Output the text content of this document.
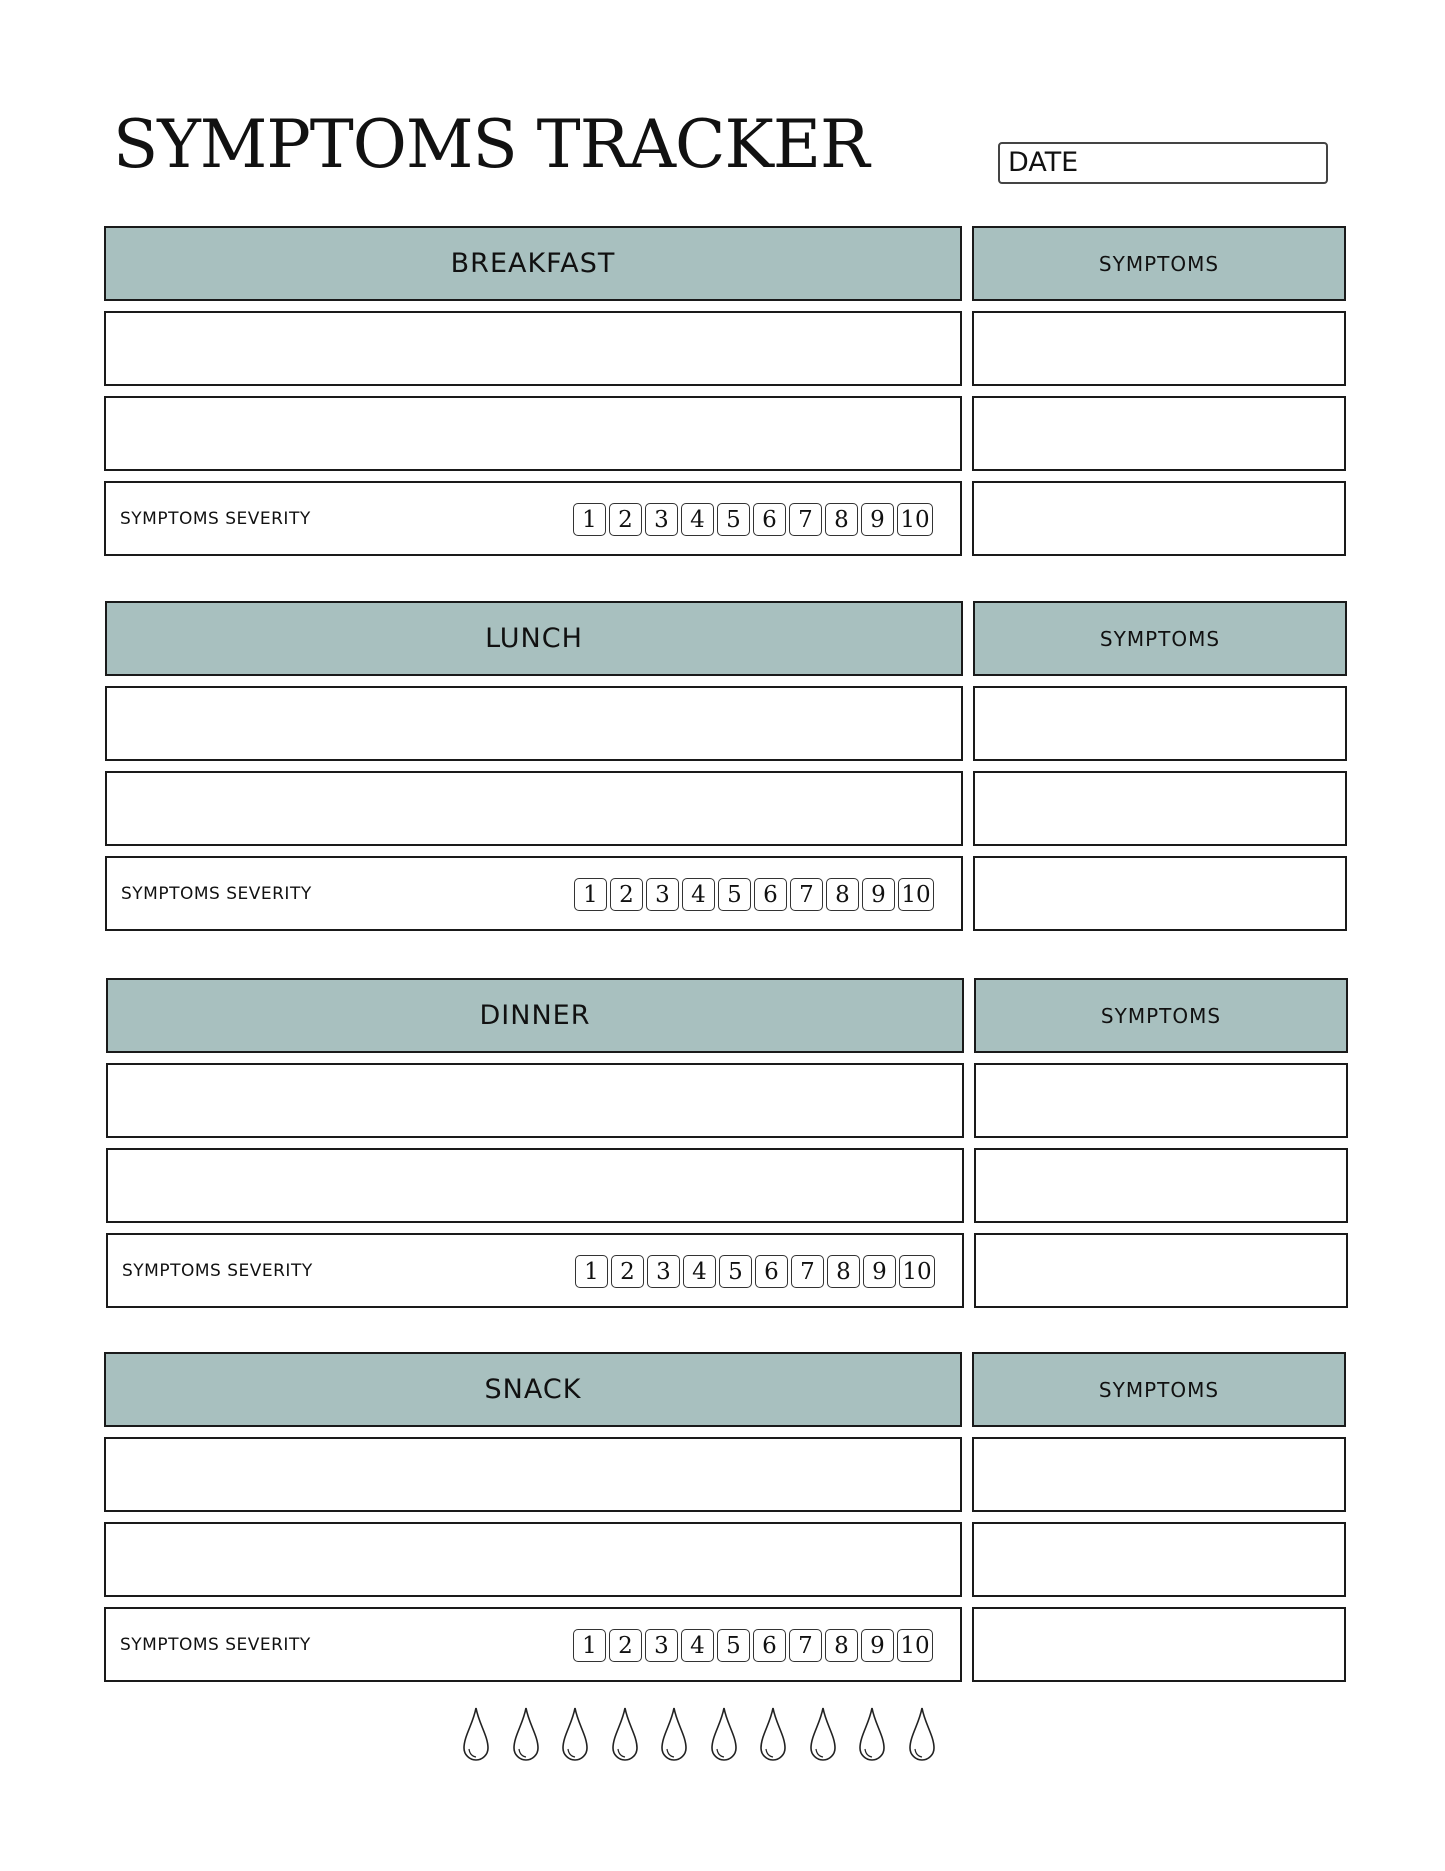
SYMPTOMS TRACKER	DATE
BREAKFAST	SYMPTOMS
SYMPTOMS SEVERITY	1 2 3 4 5 6 7 8 9 10
LUNCH	SYMPTOMS
SYMPTOMS SEVERITY	1 2 3 4 5 6 7 8 9 10
DINNER	SYMPTOMS
SYMPTOMS SEVERITY	1 2 3 4 5 6 7 8 9 10
SNACK	SYMPTOMS
SYMPTOMS SEVERITY	1 2 3 4 5 6 7 8 9 10
